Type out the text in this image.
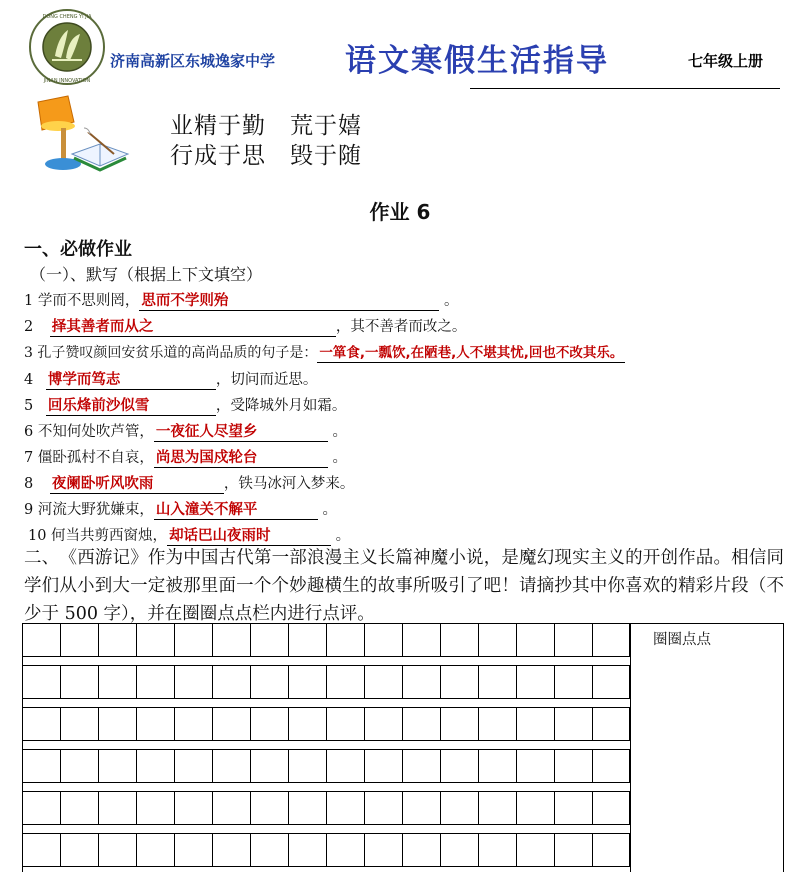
DONG CHENG YI JIA
JINAN INNOVATION
济南高新区东城逸家中学 语文寒假生活指导	七年级上册
业精于勤　荒于嬉
行成于思　毁于随
作业 6
一、必做作业
（一）、默写（根据上下文填空）
1 学而不思则罔， 思而不学则殆	。
2 择其善者而从之	，其不善者而改之。
3 孔子赞叹颜回安贫乐道的高尚品质的句子是： 一箪食,一瓢饮,在陋巷,人不堪其忧,回也不改其乐。
4 博学而笃志	，切问而近思。
5 回乐烽前沙似雪	，受降城外月如霜。
6 不知何处吹芦管， 一夜征人尽望乡	。
7 僵卧孤村不自哀， 尚思为国戍轮台	。
8 夜阑卧听风吹雨	，铁马冰河入梦来。
9 河流大野犹嫌束， 山入潼关不解平	。
10 何当共剪西窗烛， 却话巴山夜雨时	。
二、　《西游记》作为中国古代第一部浪漫主义长篇神魔小说，是魔幻现实主义的开创作品。相信同学们从小到大一定被那里面一个个妙趣横生的故事所吸引了吧！请摘抄其中你喜欢的精彩片段（不少于 500 字），并在圈圈点点栏内进行点评。
圈圈点点
